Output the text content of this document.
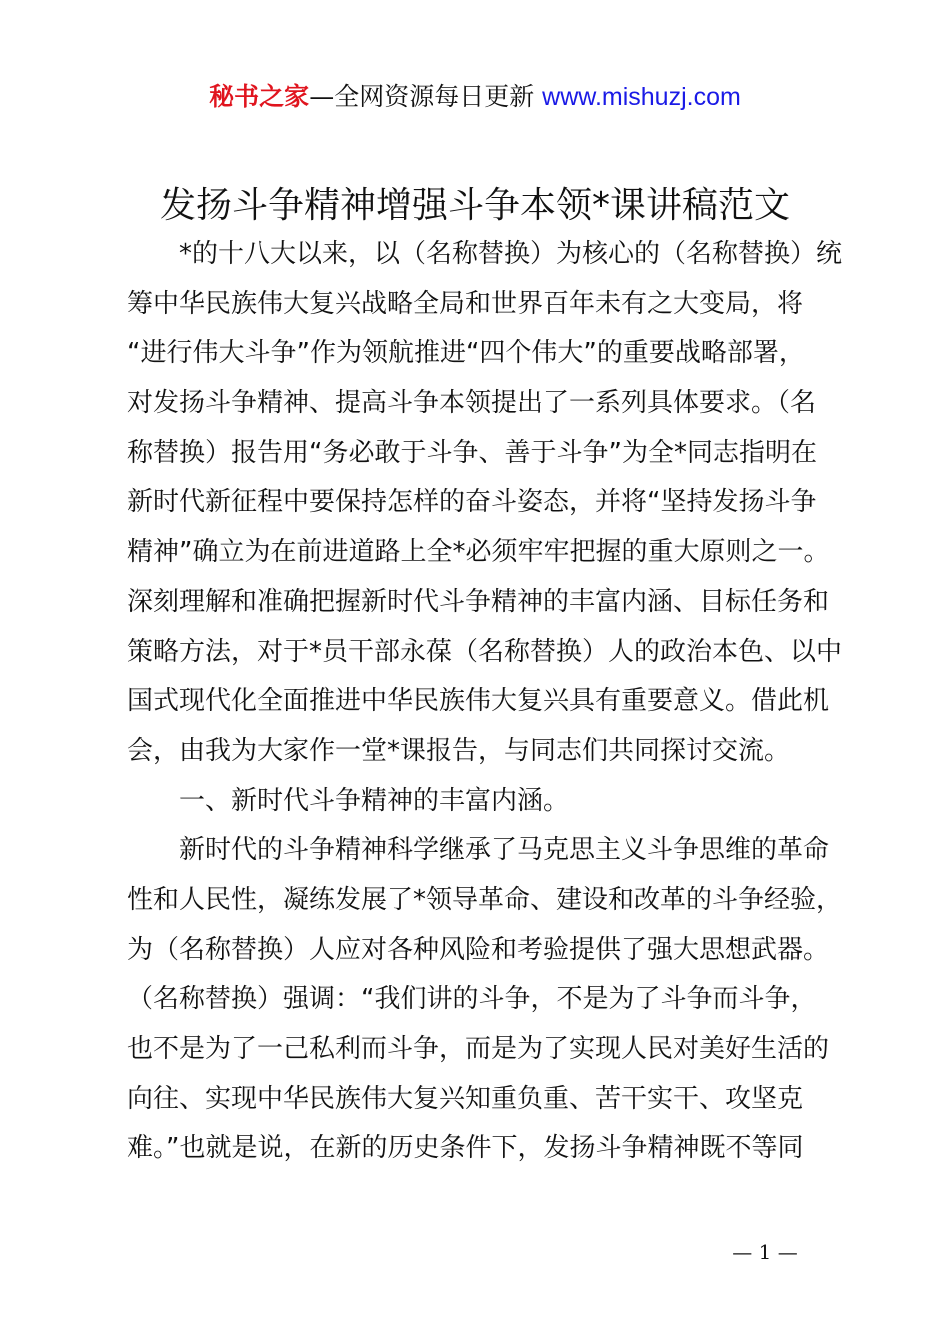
秘书之家—全网资源每日更新 www.mishuzj.com
发扬斗争精神增强斗争本领*课讲稿范文
*的十八大以来，以（名称替换）为核心的（名称替换）统
筹中华民族伟大复兴战略全局和世界百年未有之大变局，将
“进行伟大斗争”作为领航推进“四个伟大”的重要战略部署，
对发扬斗争精神、提高斗争本领提出了一系列具体要求。（名
称替换）报告用“务必敢于斗争、善于斗争”为全*同志指明在
新时代新征程中要保持怎样的奋斗姿态，并将“坚持发扬斗争
精神”确立为在前进道路上全*必须牢牢把握的重大原则之一。
深刻理解和准确把握新时代斗争精神的丰富内涵、目标任务和
策略方法，对于*员干部永葆（名称替换）人的政治本色、以中
国式现代化全面推进中华民族伟大复兴具有重要意义。借此机
会，由我为大家作一堂*课报告，与同志们共同探讨交流。
一、新时代斗争精神的丰富内涵。
新时代的斗争精神科学继承了马克思主义斗争思维的革命
性和人民性，凝练发展了*领导革命、建设和改革的斗争经验，
为（名称替换）人应对各种风险和考验提供了强大思想武器。
（名称替换）强调：“我们讲的斗争，不是为了斗争而斗争，
也不是为了一己私利而斗争，而是为了实现人民对美好生活的
向往、实现中华民族伟大复兴知重负重、苦干实干、攻坚克
难。”也就是说，在新的历史条件下，发扬斗争精神既不等同
— 1 —
